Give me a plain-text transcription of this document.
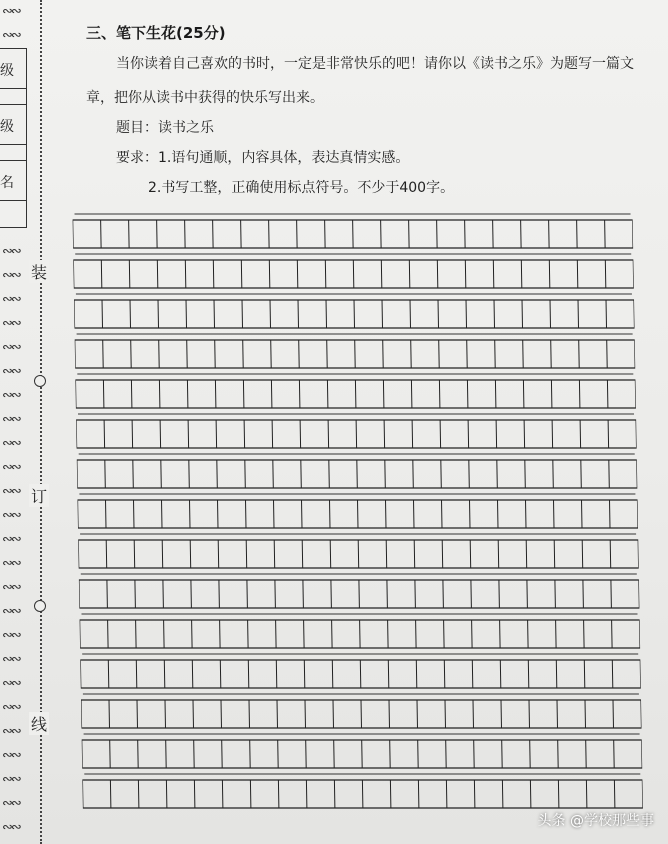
级
级
名
装
订
线
∾∾
∾∾
∾∾
∾∾
∾∾
∾∾
∾∾
∾∾
∾∾
∾∾
∾∾
∾∾
∾∾
∾∾
∾∾
∾∾
∾∾
∾∾
∾∾
∾∾
∾∾
∾∾
∾∾
∾∾
∾∾
∾∾
∾∾
三、笔下生花(25分)
当你读着自己喜欢的书时，一定是非常快乐的吧！请你以《读书之乐》为题写一篇文
章，把你从读书中获得的快乐写出来。
题目：读书之乐
要求：1.语句通顺，内容具体，表达真情实感。
2.书写工整，正确使用标点符号。不少于400字。
头条 @学校那些事
